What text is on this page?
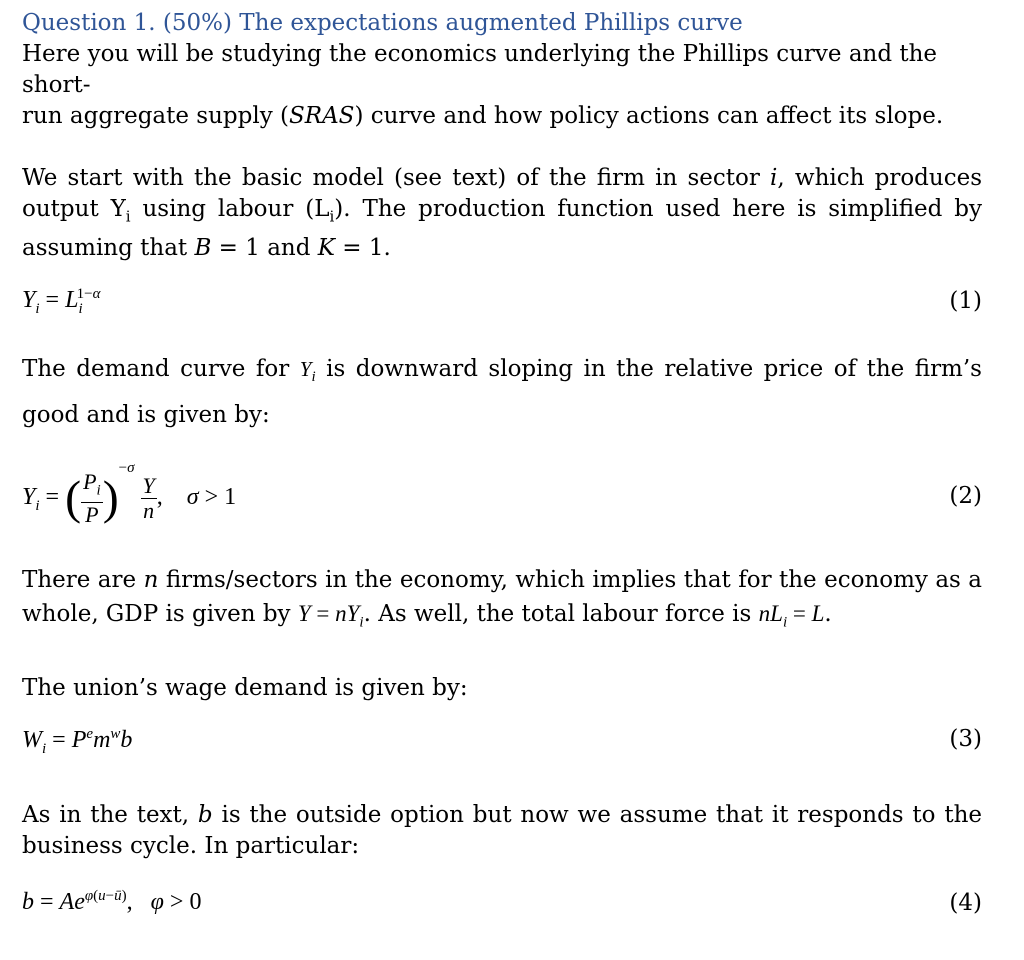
Question 1. (50%) The expectations augmented Phillips curve

Here you will be studying the economics underlying the Phillips curve and the short-
run aggregate supply (SRAS) curve and how policy actions can affect its slope.

We start with the basic model (see text) of the firm in sector i, which produces output $Y_i$ using labour $(L_i)$. The production function used here is simplified by assuming that B = 1 and K = 1.

$Y_i = L_i^{1-\alpha}$	(1)

The demand curve for $Y_i$ is downward sloping in the relative price of the firm’s good and is given by:

$Y_i$ = ( $\frac{P_i}{P} )^{-\sigma}$
$\frac{Y}{n}$ ,    σ > 1	(2)

There are n firms/sectors in the economy, which implies that for the economy as a whole, GDP is given by $Y = nY_i$. As well, the total labour force is $nL_i = L$.

The union’s wage demand is given by:

$W_i = P^em^wb$	(3)

As in the text, b is the outside option but now we assume that it responds to the business cycle. In particular:

$b = Ae^{\varphi(u-ū)}$,   φ > 0	(4)
